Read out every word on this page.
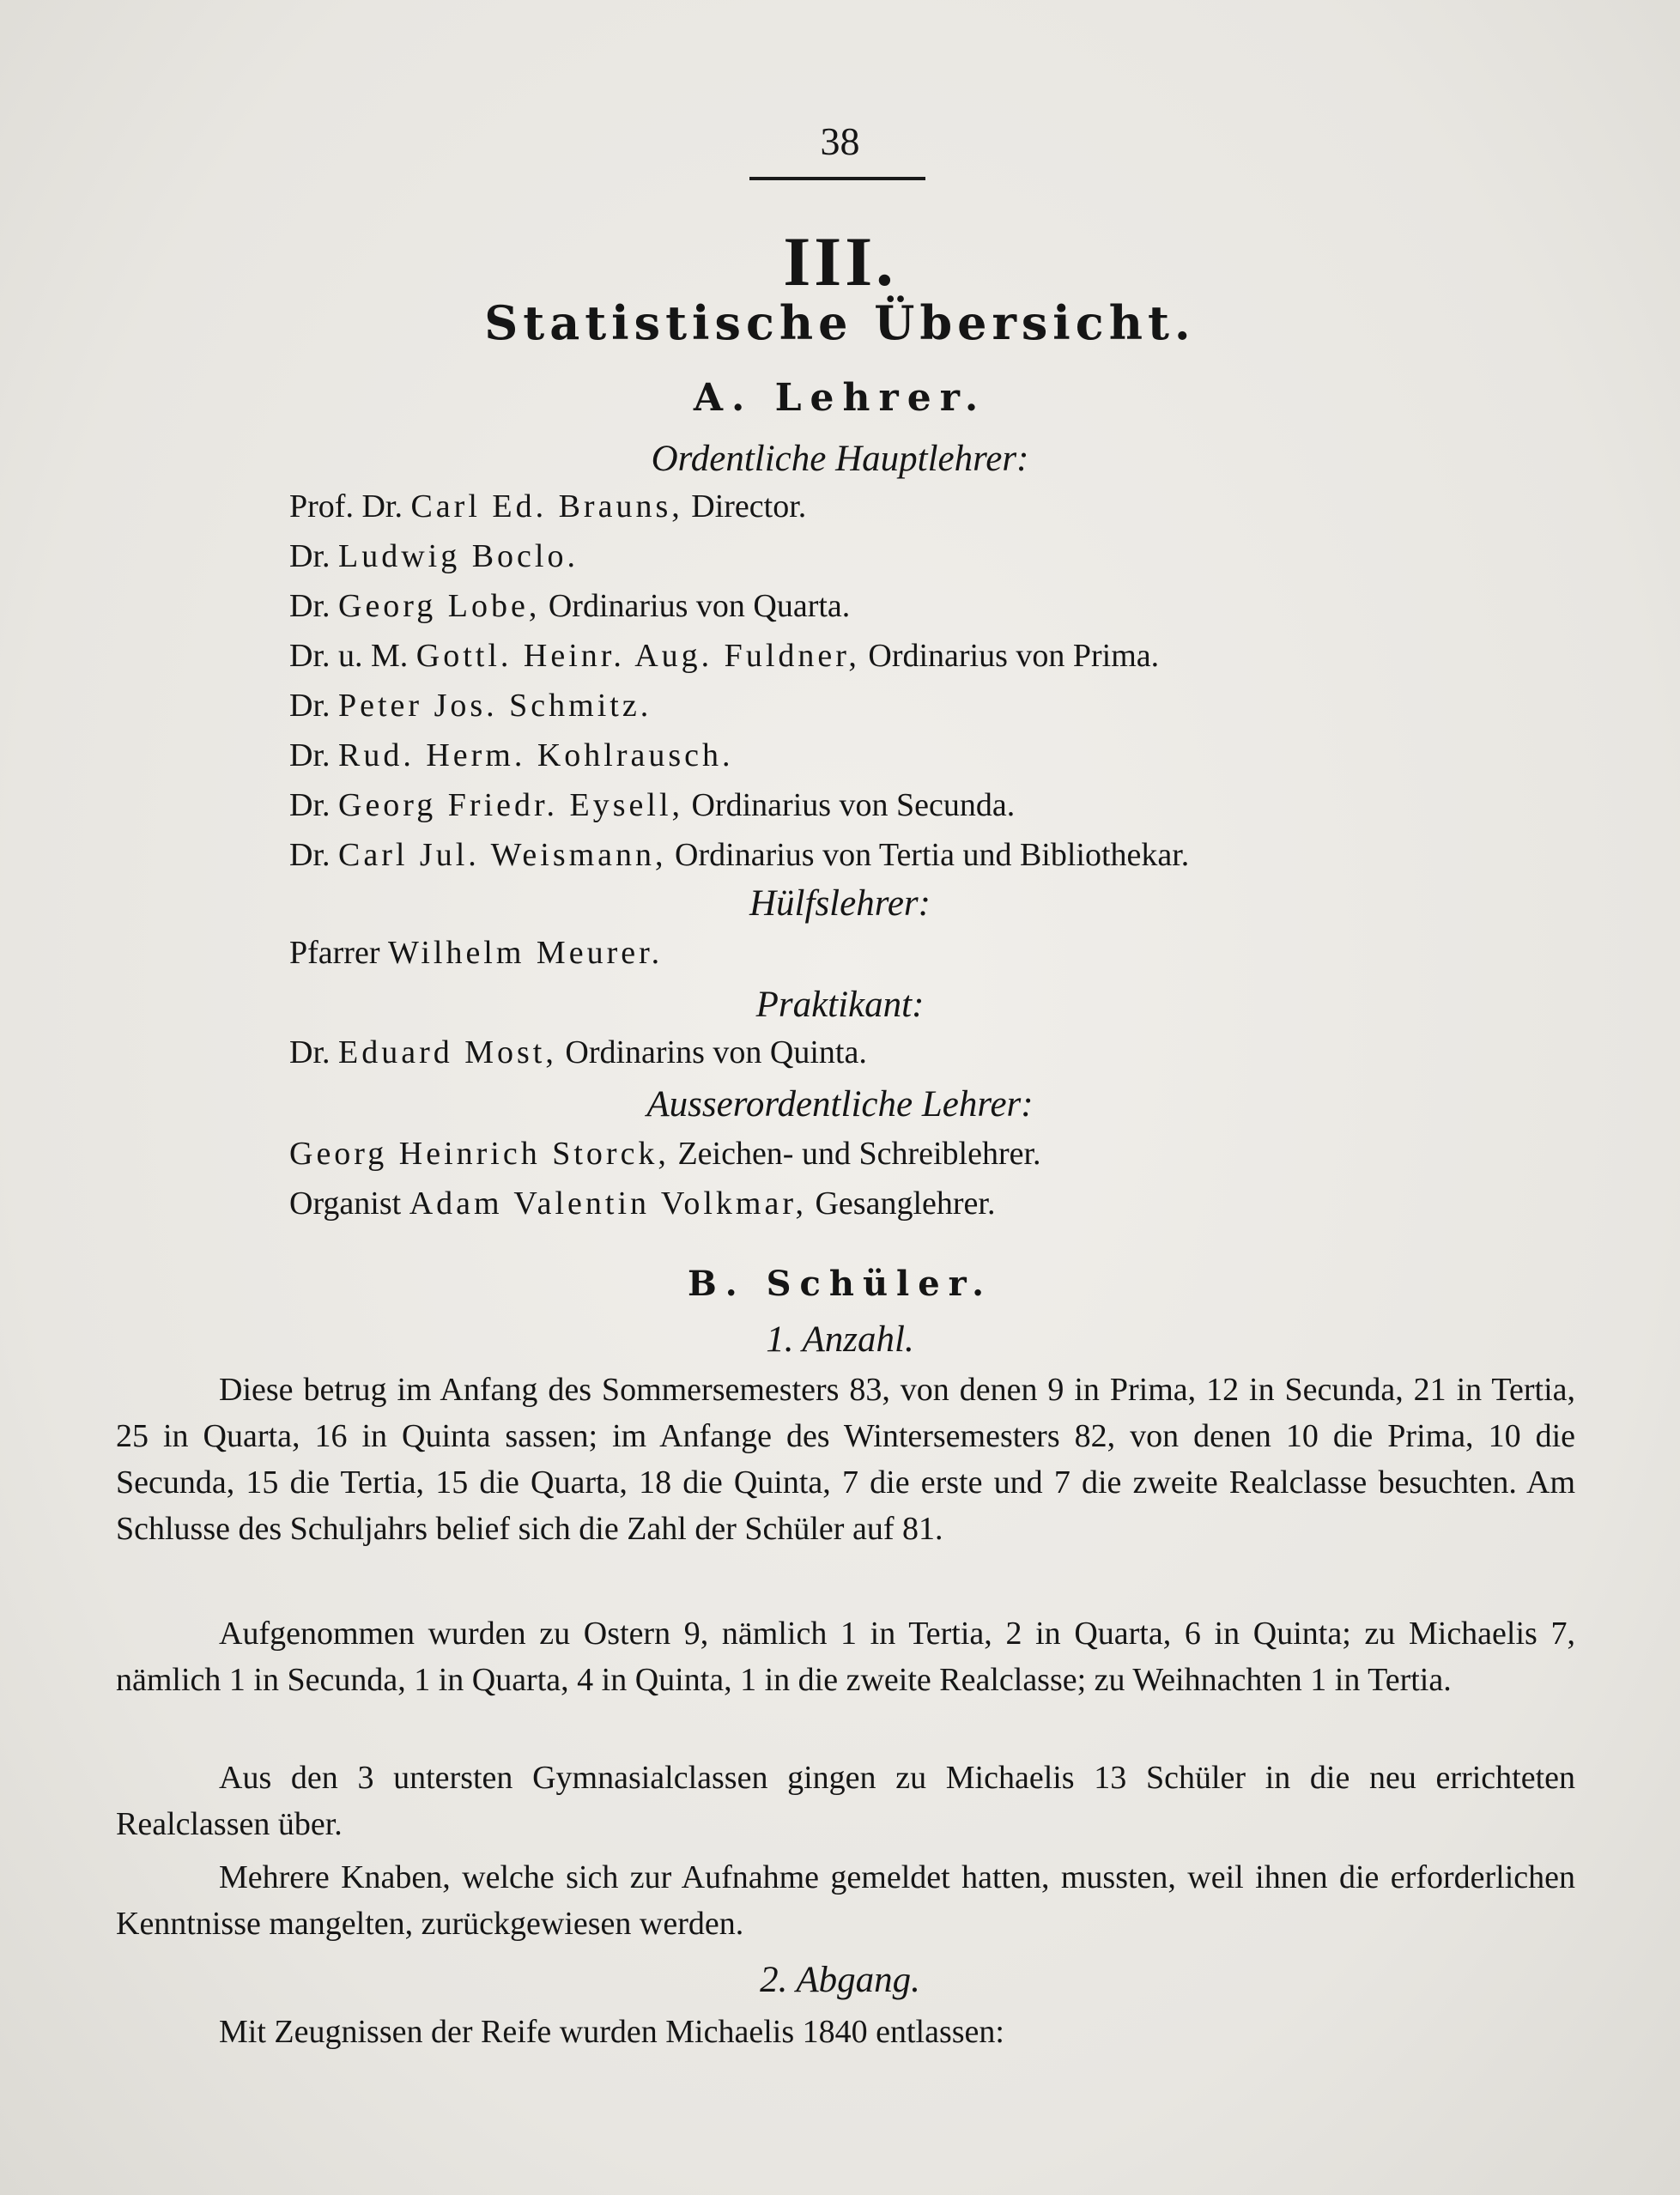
38
III.
Statistische Übersicht.
A. Lehrer.
Ordentliche Hauptlehrer:
Prof. Dr. Carl Ed. Brauns, Director.
Dr. Ludwig Boclo.
Dr. Georg Lobe, Ordinarius von Quarta.
Dr. u. M. Gottl. Heinr. Aug. Fuldner, Ordinarius von Prima.
Dr. Peter Jos. Schmitz.
Dr. Rud. Herm. Kohlrausch.
Dr. Georg Friedr. Eysell, Ordinarius von Secunda.
Dr. Carl Jul. Weismann, Ordinarius von Tertia und Bibliothekar.
Hülfslehrer:
Pfarrer Wilhelm Meurer.
Praktikant:
Dr. Eduard Most, Ordinarins von Quinta.
Ausserordentliche Lehrer:
Georg Heinrich Storck, Zeichen- und Schreiblehrer.
Organist Adam Valentin Volkmar, Gesanglehrer.
B. Schüler.
1. Anzahl.
Diese betrug im Anfang des Sommersemesters 83, von denen 9 in Prima, 12 in Secunda, 21 in Tertia, 25 in Quarta, 16 in Quinta sassen; im Anfange des Wintersemesters 82, von denen 10 die Prima, 10 die Secunda, 15 die Tertia, 15 die Quarta, 18 die Quinta, 7 die erste und 7 die zweite Realclasse besuchten. Am Schlusse des Schuljahrs belief sich die Zahl der Schüler auf 81.
Aufgenommen wurden zu Ostern 9, nämlich 1 in Tertia, 2 in Quarta, 6 in Quinta; zu Michaelis 7, nämlich 1 in Secunda, 1 in Quarta, 4 in Quinta, 1 in die zweite Realclasse; zu Weihnachten 1 in Tertia.
Aus den 3 untersten Gymnasialclassen gingen zu Michaelis 13 Schüler in die neu errichteten Realclassen über.
Mehrere Knaben, welche sich zur Aufnahme gemeldet hatten, mussten, weil ihnen die erforderlichen Kenntnisse mangelten, zurückgewiesen werden.
2. Abgang.
Mit Zeugnissen der Reife wurden Michaelis 1840 entlassen:
